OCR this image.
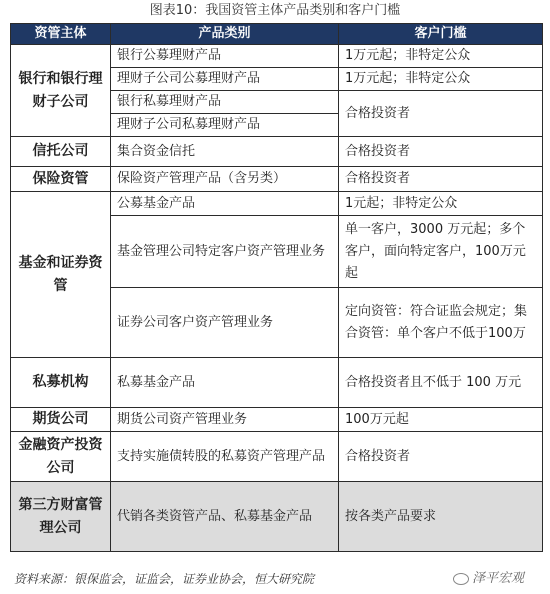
图表10：我国资管主体产品类别和客户门槛
资管主体	产品类别	客户门槛
银行和银行理财子公司	银行公募理财产品	1万元起；非特定公众
	理财子公司公募理财产品	1万元起；非特定公众
	银行私募理财产品	合格投资者
	理财子公司私募理财产品	
信托公司	集合资金信托	合格投资者
保险资管	保险资产管理产品（含另类）	合格投资者
基金和证券资管	公募基金产品	1元起；非特定公众
	基金管理公司特定客户资产管理业务	单一客户，3000 万元起；多个客户，面向特定客户，100万元起
	证券公司客户资产管理业务	定向资管：符合证监会规定；集合资管：单个客户不低于100万
私募机构	私募基金产品	合格投资者且不低于 100 万元
期货公司	期货公司资产管理业务	100万元起
金融资产投资公司	支持实施债转股的私募资产管理产品	合格投资者
第三方财富管理公司	代销各类资管产品、私募基金产品	按各类产品要求
资料来源：银保监会，证监会，证券业协会，恒大研究院	泽平宏观
